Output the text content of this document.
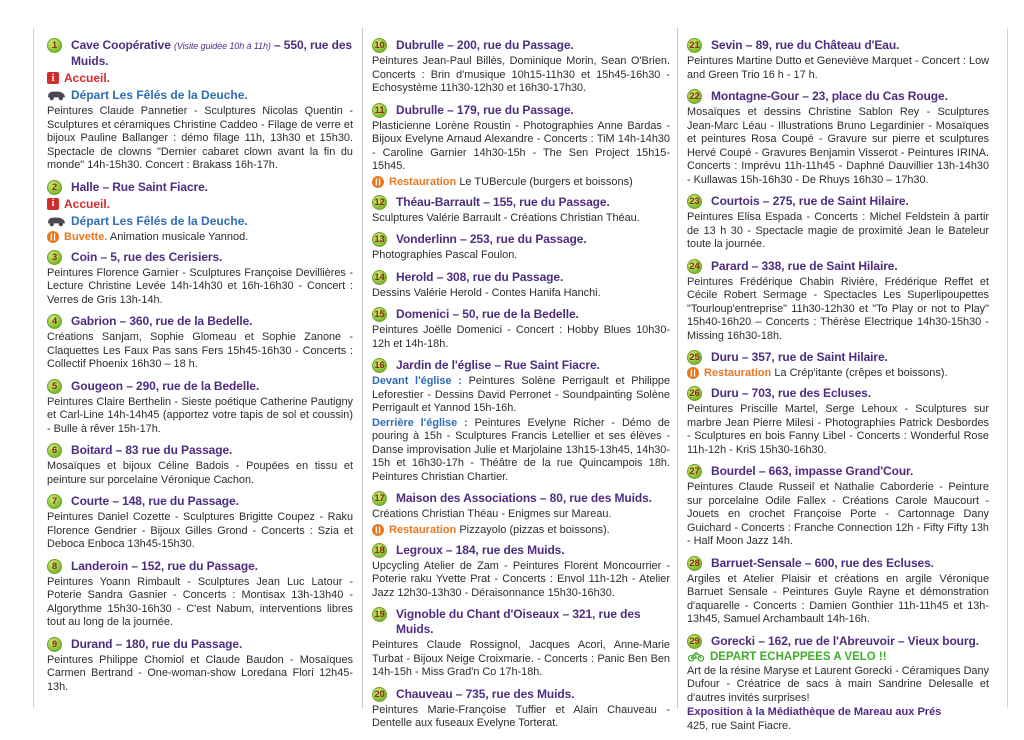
1	Cave Coopérative (Visite guidée 10h à 11h) – 550, rue des Muids.
i Accueil.
Départ Les Fêlés de la Deuche.

Peintures Claude Pannetier - Sculptures Nicolas Quentin - Sculptures et céramiques Christine Caddeo - Filage de verre et bijoux Pauline Ballanger : démo filage 11h, 13h30 et 15h30. Spectacle de clowns "Dernier cabaret clown avant la fin du monde" 14h-15h30. Concert : Brakass 16h-17h.

2	Halle – Rue Saint Fiacre.
i Accueil.
Départ Les Fêlés de la Deuche.
Buvette. Animation musicale Yannod.
3	Coin – 5, rue des Cerisiers.

Peintures Florence Garnier - Sculptures Françoise Devillières - Lecture Christine Levée 14h-14h30 et 16h-16h30 - Concert : Verres de Gris 13h-14h.

4	Gabrion – 360, rue de la Bedelle.

Créations Sanjam, Sophie Glomeau et Sophie Zanone - Claquettes Les Faux Pas sans Fers 15h45-16h30 - Concerts : Collectif Phoenix 16h30 – 18 h.

5	Gougeon – 290, rue de la Bedelle.

Peintures Claire Berthelin - Sieste poétique Catherine Pautigny et Carl-Line 14h-14h45 (apportez votre tapis de sol et coussin) - Bulle à rêver 15h-17h.

6	Boitard – 83 rue du Passage.

Mosaïques et bijoux Céline Badois - Poupées en tissu et peinture sur porcelaine Véronique Cachon.

7	Courte – 148, rue du Passage.

Peintures Daniel Cozette - Sculptures Brigitte Coupez - Raku Florence Gendrier - Bijoux Gilles Grond - Concerts : Szia et Deboca Enboca 13h45-15h30.

8	Landeroin – 152, rue du Passage.

Peintures Yoann Rimbault - Sculptures Jean Luc Latour - Poterie Sandra Gasnier - Concerts : Montisax 13h-13h40 - Algorythme 15h30-16h30 - C'est Nabum, interventions libres tout au long de la journée.

9	Durand – 180, rue du Passage.

Peintures Philippe Chomiol et Claude Baudon - Mosaïques Carmen Bertrand - One-woman-show Loredana Flori 12h45-13h.

10 Dubrulle – 200, rue du Passage.

Peintures Jean-Paul Billès, Dominique Morin, Sean O'Brien. Concerts : Brin d'musique 10h15-11h30 et 15h45-16h30 - Echosystème 11h30-12h30 et 16h30-17h30.

11 Dubrulle – 179, rue du Passage.

Plasticienne Lorène Roustin - Photographies Anne Bardas - Bijoux Evelyne Arnaud Alexandre - Concerts : TiM 14h-14h30 - Caroline Garnier 14h30-15h - The Sen Project 15h15-15h45.

Restauration Le TUBercule (burgers et boissons)
12 Théau-Barrault – 155, rue du Passage.

Sculptures Valérie Barrault - Créations Christian Théau.

13 Vonderlinn – 253, rue du Passage.

Photographies Pascal Foulon.

14 Herold – 308, rue du Passage.

Dessins Valérie Herold - Contes Hanifa Hanchi.

15 Domenici – 50, rue de la Bedelle.

Peintures Joëlle Domenici - Concert : Hobby Blues 10h30-12h et 14h-18h.

16 Jardin de l'église – Rue Saint Fiacre.

Devant l'église : Peintures Solène Perrigault et Philippe Leforestier - Dessins David Perronet - Soundpainting Solène Perrigault et Yannod 15h-16h.

Derrière l'église : Peintures Evelyne Richer - Démo de pouring à 15h - Sculptures Francis Letellier et ses élèves - Danse improvisation Julie et Marjolaine 13h15-13h45, 14h30-15h et 16h30-17h - Théâtre de la rue Quincampois 18h. Peintures Christian Chartier.

17 Maison des Associations – 80, rue des Muids.

Créations Christian Théau - Enigmes sur Mareau.

Restauration Pizzayolo (pizzas et boissons).
18 Legroux – 184, rue des Muids.

Upcycling Atelier de Zam - Peintures Florent Moncourrier - Poterie raku Yvette Prat - Concerts : Envol 11h-12h - Atelier Jazz 12h30-13h30 - Déraisonnance 15h30-16h30.

19 Vignoble du Chant d'Oiseaux – 321, rue des Muids.

Peintures Claude Rossignol, Jacques Acori, Anne-Marie Turbat - Bijoux Neige Croixmarie. - Concerts : Panic Ben Ben 14h-15h - Miss Grad'n Co 17h-18h.

20 Chauveau – 735, rue des Muids.

Peintures Marie-Françoise Tuffier et Alain Chauveau - Dentelle aux fuseaux Evelyne Torterat.

21 Sevin – 89, rue du Château d'Eau.

Peintures Martine Dutto et Geneviève Marquet - Concert : Low and Green Trio 16 h - 17 h.

22 Montagne-Gour – 23, place du Cas Rouge.

Mosaïques et dessins Christine Sablon Rey - Sculptures Jean-Marc Léau - Illustrations Bruno Legardinier - Mosaïques et peintures Rosa Coupé - Gravure sur pierre et sculptures Hervé Coupé - Gravures Benjamin Visserot - Peintures IRINA. Concerts : Imprévu 11h-11h45 - Daphné Dauvillier 13h-14h30 - Kullawas 15h-16h30 - De Rhuys 16h30 – 17h30.

23 Courtois – 275, rue de Saint Hilaire.

Peintures Elisa Espada - Concerts : Michel Feldstein à partir de 13 h 30 - Spectacle magie de proximité Jean le Bateleur toute la journée.

24 Parard – 338, rue de Saint Hilaire.

Peintures Frédérique Chabin Rivière, Frédérique Reffet et Cécile Robert Sermage - Spectacles Les Superlipoupettes "Tourloup'entreprise" 11h30-12h30 et "To Play or not to Play" 15h40-16h20 – Concerts : Thérèse Electrique 14h30-15h30 - Missing 16h30-18h.

25 Duru – 357, rue de Saint Hilaire.
Restauration La Crép'itante (crêpes et boissons).
26 Duru – 703, rue des Ecluses.

Peintures Priscille Martel, Serge Lehoux - Sculptures sur marbre Jean Pierre Milesi - Photographies Patrick Desbordes - Sculptures en bois Fanny Libel - Concerts : Wonderful Rose 11h-12h - KriS 15h30-16h30.

27 Bourdel – 663, impasse Grand'Cour.

Peintures Claude Russeil et Nathalie Caborderie - Peinture sur porcelaine Odile Fallex - Créations Carole Maucourt - Jouets en crochet Françoise Porte - Cartonnage Dany Guichard - Concerts : Franche Connection 12h - Fifty Fifty 13h - Half Moon Jazz 14h.

28 Barruet-Sensale – 600, rue des Ecluses.

Argiles et Atelier Plaisir et créations en argile Véronique Barruet Sensale - Peintures Guyle Rayne et démonstration d'aquarelle - Concerts : Damien Gonthier 11h-11h45 et 13h-13h45, Samuel Archambault 14h-16h.

29 Gorecki – 162, rue de l'Abreuvoir – Vieux bourg.
DEPART ECHAPPEES A VELO !!

Art de la résine Maryse et Laurent Gorecki - Céramiques Dany Dufour - Créatrice de sacs à main Sandrine Delesalle et d'autres invités surprises!

Exposition à la Médiathèque de Mareau aux Prés

425, rue Saint Fiacre.
